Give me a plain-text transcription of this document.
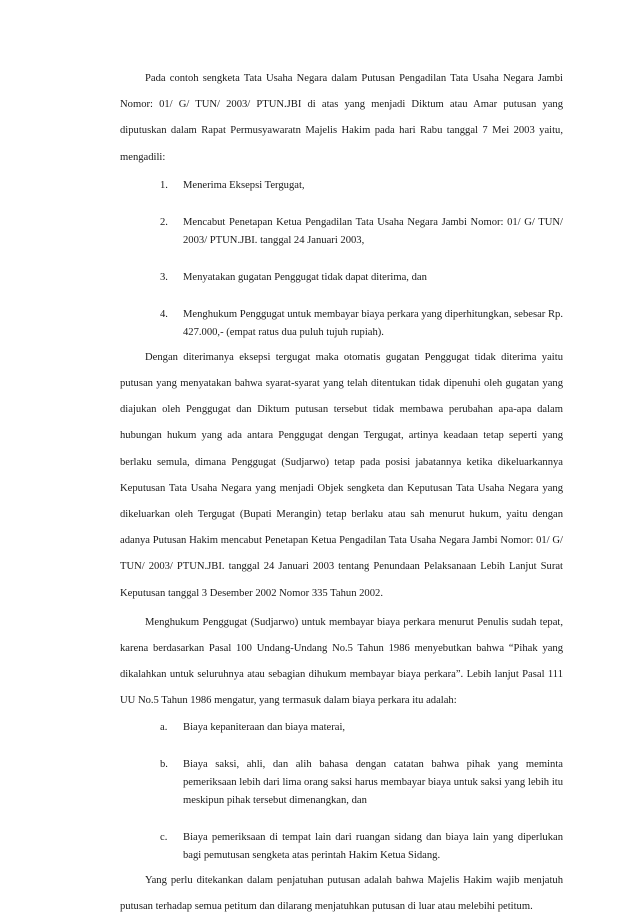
Pada contoh sengketa Tata Usaha Negara dalam Putusan Pengadilan Tata Usaha Negara Jambi Nomor: 01/ G/ TUN/ 2003/ PTUN.JBI di atas yang menjadi Diktum atau Amar putusan yang diputuskan dalam Rapat Permusyawaratn Majelis Hakim pada hari Rabu tanggal 7 Mei 2003 yaitu, mengadili:

1. Menerima Eksepsi Tergugat,
2. Mencabut Penetapan Ketua Pengadilan Tata Usaha Negara Jambi Nomor: 01/ G/ TUN/ 2003/ PTUN.JBI. tanggal 24 Januari 2003,
3. Menyatakan gugatan Penggugat tidak dapat diterima, dan
4. Menghukum Penggugat untuk membayar biaya perkara yang diperhitungkan, sebesar Rp. 427.000,- (empat ratus dua puluh tujuh rupiah).

Dengan diterimanya eksepsi tergugat maka otomatis gugatan Penggugat tidak diterima yaitu putusan yang menyatakan bahwa syarat-syarat yang telah ditentukan tidak dipenuhi oleh gugatan yang diajukan oleh Penggugat dan Diktum putusan tersebut tidak membawa perubahan apa-apa dalam hubungan hukum yang ada antara Penggugat dengan Tergugat, artinya keadaan tetap seperti yang berlaku semula, dimana Penggugat (Sudjarwo) tetap pada posisi jabatannya ketika dikeluarkannya Keputusan Tata Usaha Negara yang menjadi Objek sengketa dan Keputusan Tata Usaha Negara yang dikeluarkan oleh Tergugat (Bupati Merangin) tetap berlaku atau sah menurut hukum, yaitu dengan adanya Putusan Hakim mencabut Penetapan Ketua Pengadilan Tata Usaha Negara Jambi Nomor: 01/ G/ TUN/ 2003/ PTUN.JBI. tanggal 24 Januari 2003 tentang Penundaan Pelaksanaan Lebih Lanjut Surat Keputusan tanggal 3 Desember 2002 Nomor 335 Tahun 2002.

Menghukum Penggugat (Sudjarwo) untuk membayar biaya perkara menurut Penulis sudah tepat, karena berdasarkan Pasal 100 Undang-Undang No.5 Tahun 1986 menyebutkan bahwa “Pihak yang dikalahkan untuk seluruhnya atau sebagian dihukum membayar biaya perkara”. Lebih lanjut Pasal 111 UU No.5 Tahun 1986 mengatur, yang termasuk dalam biaya perkara itu adalah:

a. Biaya kepaniteraan dan biaya materai,
b. Biaya saksi, ahli, dan alih bahasa dengan catatan bahwa pihak yang meminta pemeriksaan lebih dari lima orang saksi harus membayar biaya untuk saksi yang lebih itu meskipun pihak tersebut dimenangkan, dan
c. Biaya pemeriksaan di tempat lain dari ruangan sidang dan biaya lain yang diperlukan bagi pemutusan sengketa atas perintah Hakim Ketua Sidang.

Yang perlu ditekankan dalam penjatuhan putusan adalah bahwa Majelis Hakim wajib menjatuh putusan terhadap semua petitum dan dilarang menjatuhkan putusan di luar atau melebihi petitum.
